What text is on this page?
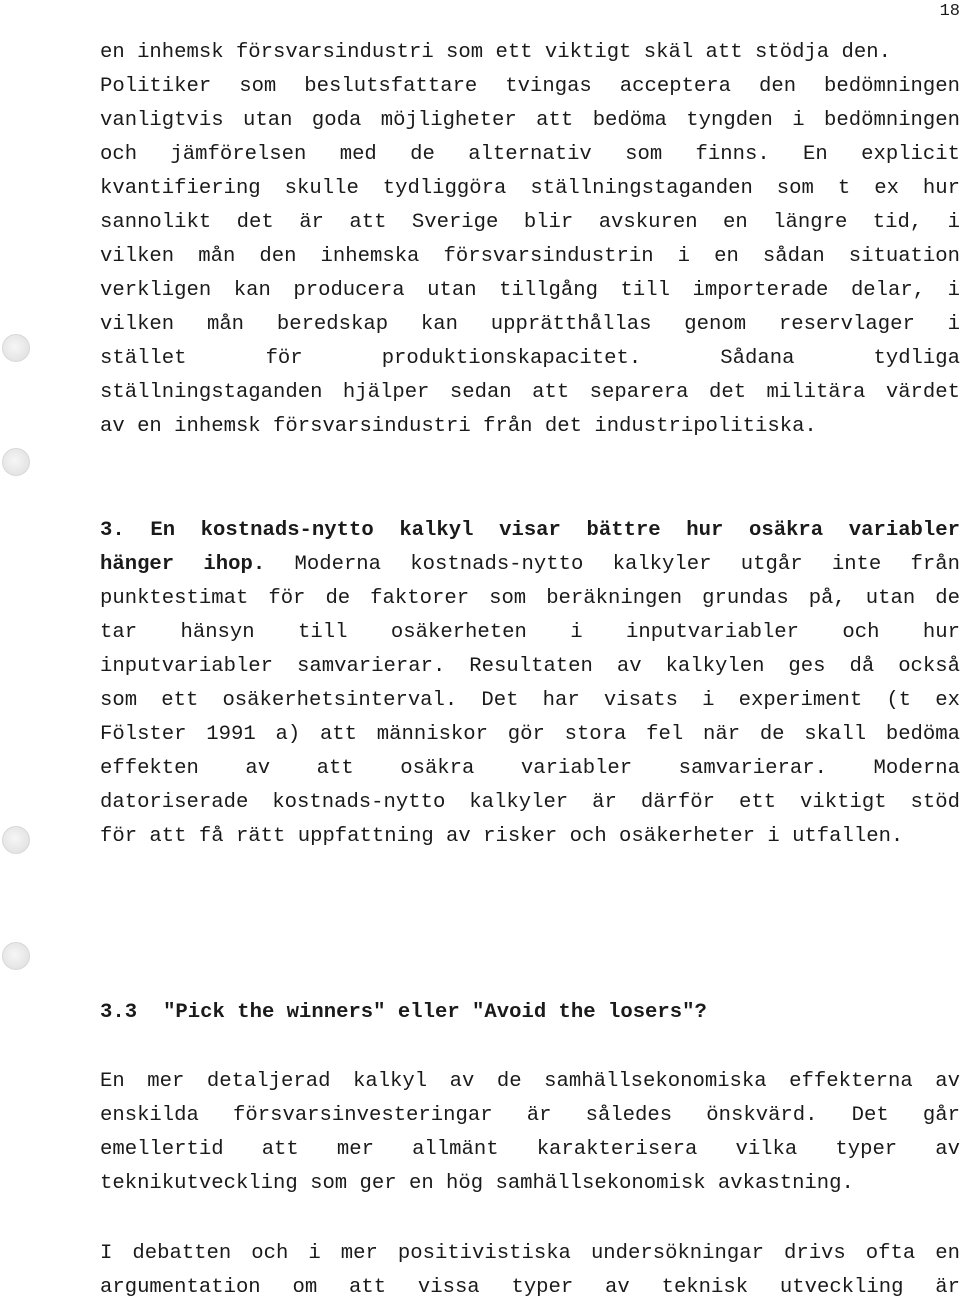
18
en inhemsk försvarsindustri som ett viktigt skäl att stödja den.
Politiker som beslutsfattare tvingas acceptera den bedömningen
vanligtvis utan goda möjligheter att bedöma tyngden i bedömningen
och jämförelsen med de alternativ som finns. En explicit
kvantifiering skulle tydliggöra ställningstaganden som t ex hur
sannolikt det är att Sverige blir avskuren en längre tid, i
vilken mån den inhemska försvarsindustrin i en sådan situation
verkligen kan producera utan tillgång till importerade delar, i
vilken mån beredskap kan upprätthållas genom reservlager i
stället för produktionskapacitet. Sådana tydliga
ställningstaganden hjälper sedan att separera det militära värdet
av en inhemsk försvarsindustri från det industripolitiska.
3. En kostnads-nytto kalkyl visar bättre hur osäkra variabler
hänger ihop. Moderna kostnads-nytto kalkyler utgår inte från
punktestimat för de faktorer som beräkningen grundas på, utan de
tar hänsyn till osäkerheten i inputvariabler och hur
inputvariabler samvarierar. Resultaten av kalkylen ges då också
som ett osäkerhetsinterval. Det har visats i experiment (t ex
Fölster 1991 a) att människor gör stora fel när de skall bedöma
effekten av att osäkra variabler samvarierar. Moderna
datoriserade kostnads-nytto kalkyler är därför ett viktigt stöd
för att få rätt uppfattning av risker och osäkerheter i utfallen.
3.3 "Pick the winners" eller "Avoid the losers"?
En mer detaljerad kalkyl av de samhällsekonomiska effekterna av
enskilda försvarsinvesteringar är således önskvärd. Det går
emellertid att mer allmänt karakterisera vilka typer av
teknikutveckling som ger en hög samhällsekonomisk avkastning.
I debatten och i mer positivistiska undersökningar drivs ofta en
argumentation om att vissa typer av teknisk utveckling är
